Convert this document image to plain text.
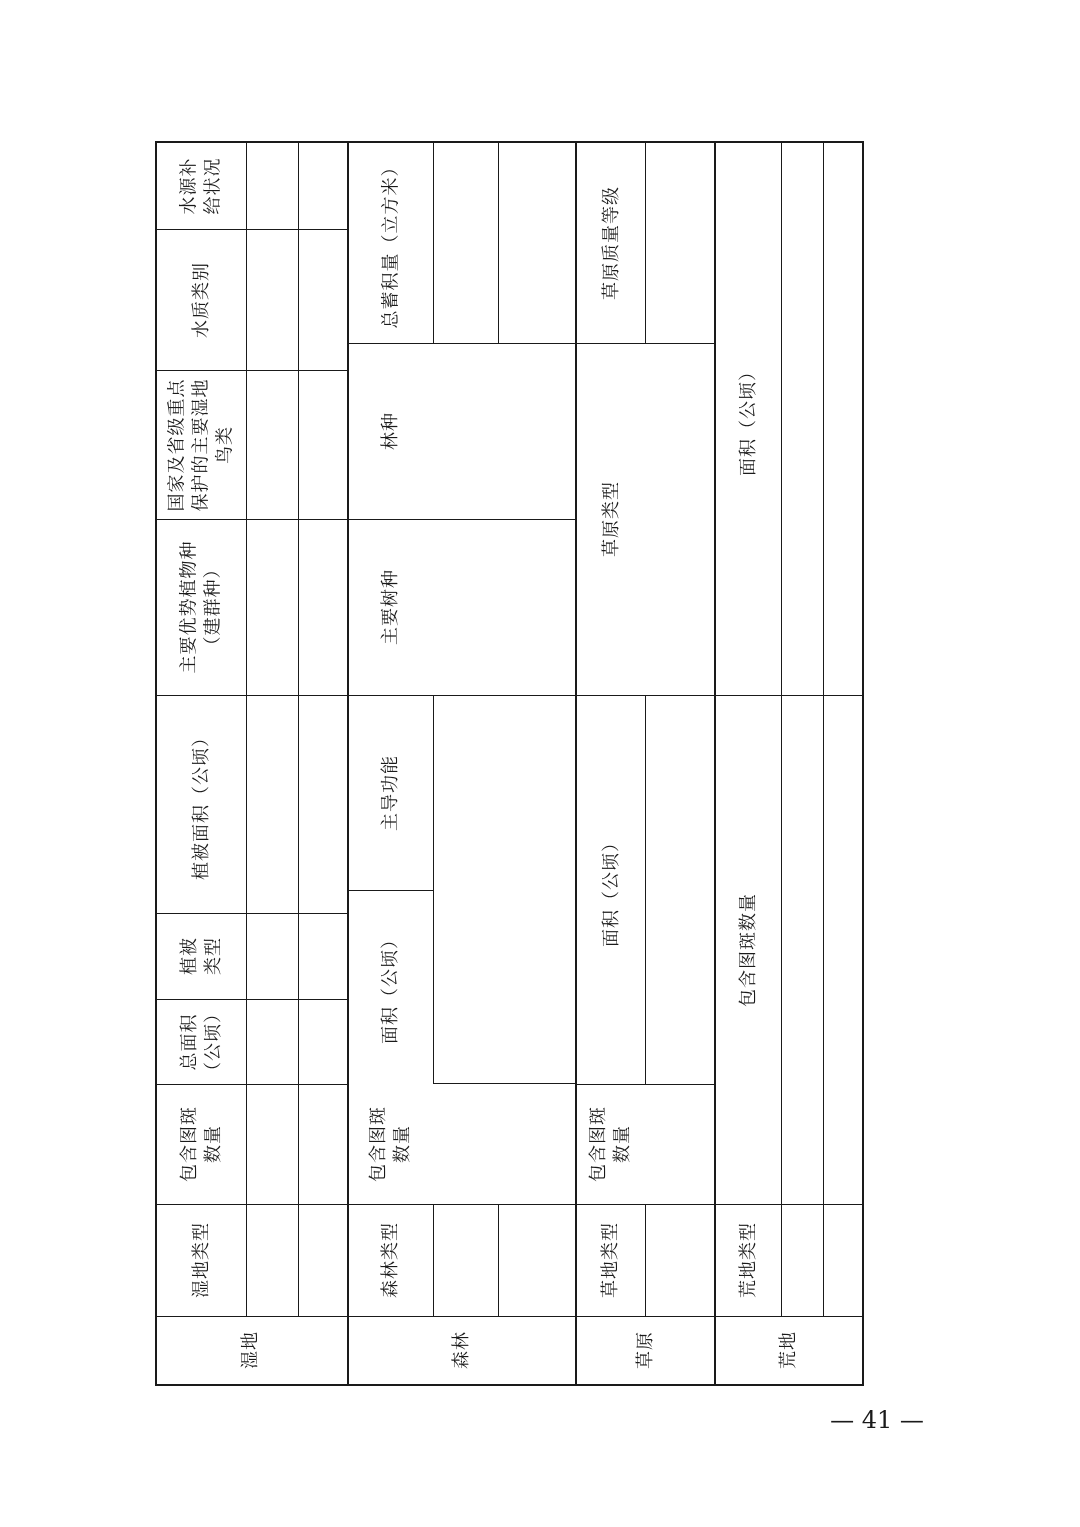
湿地
湿地类型
包含图斑
数量
总面积
（公顷）
植被
类型
植被面积（公顷）
主要优势植物种
（建群种）
国家及省级重点
保护的主要湿地
鸟类
水质类别
水源补
给状况
森林
森林类型
包含图斑
数量
面积（公顷）
主导功能
主要树种
林种
总蓄积量（立方米）
草原
草地类型
包含图斑
数量
面积（公顷）
草原类型
草原质量等级
荒地
荒地类型
包含图斑数量
面积（公顷）
— 41 —
